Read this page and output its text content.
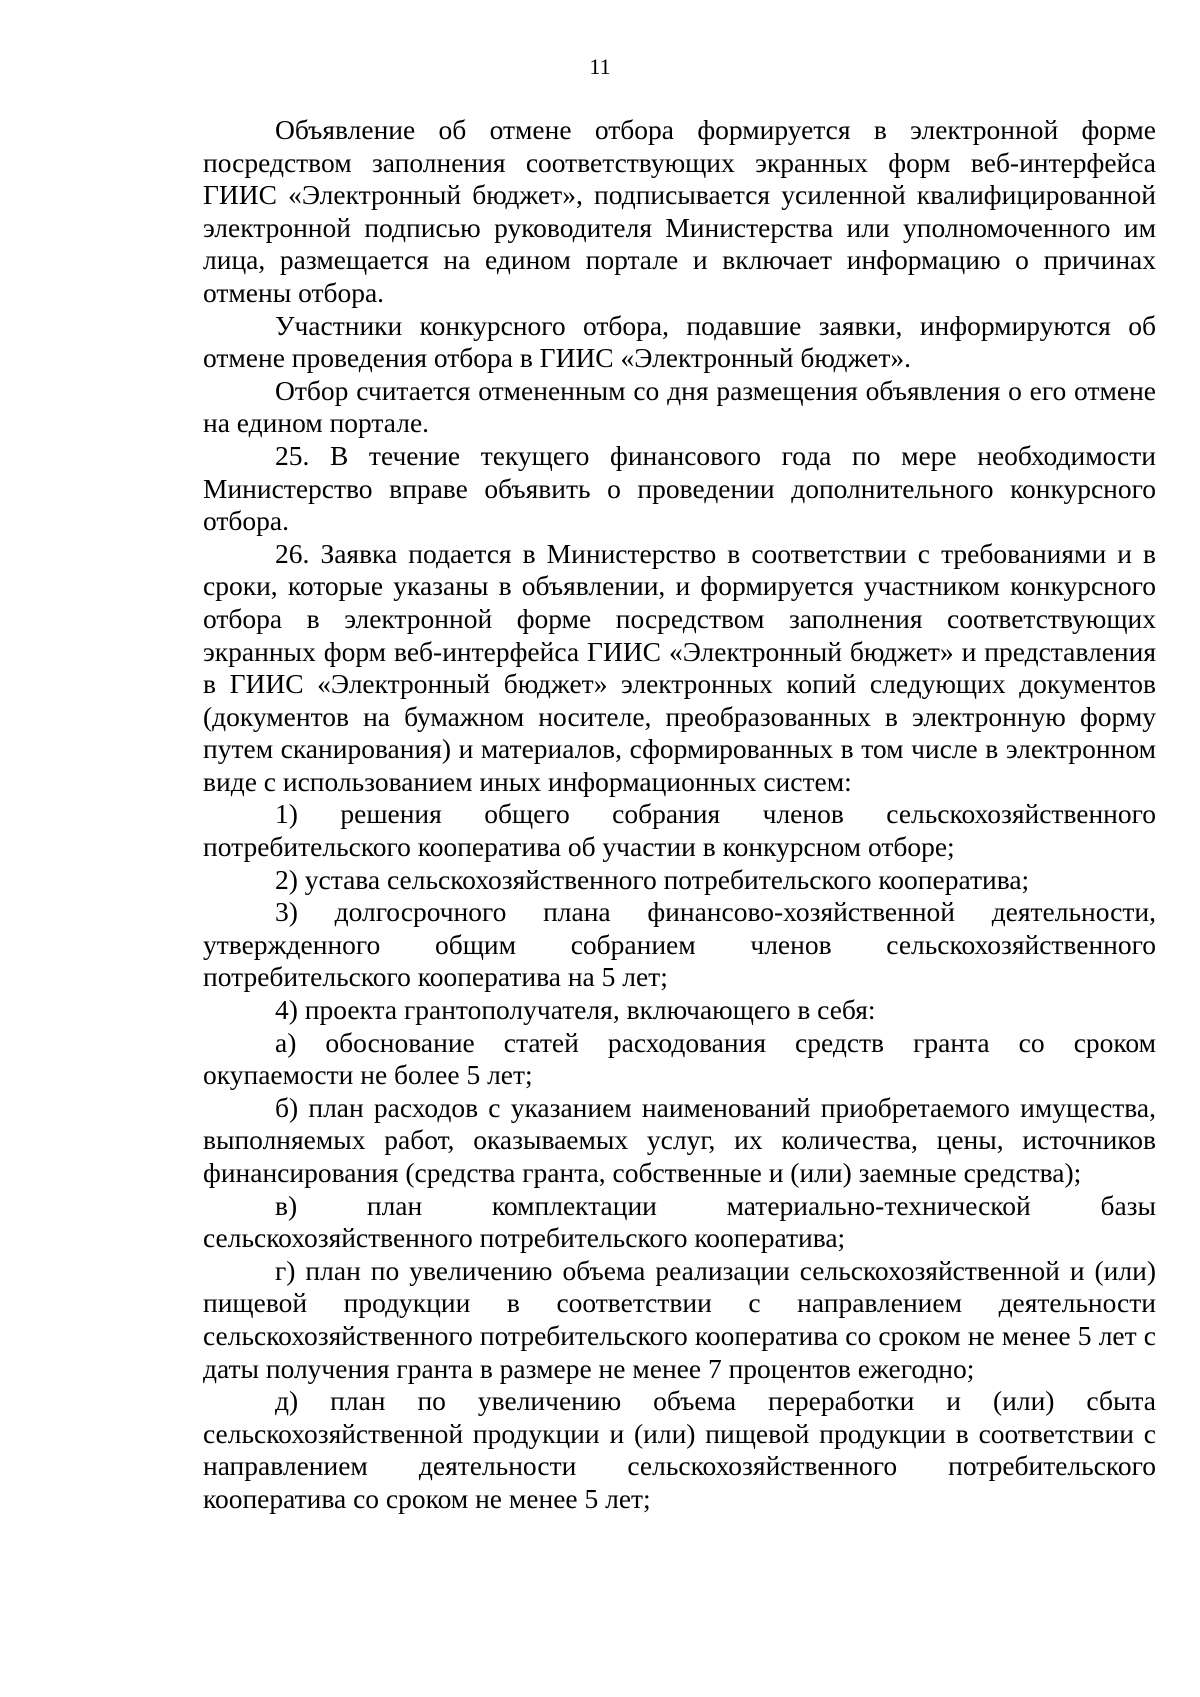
11

Объявление об отмене отбора формируется в электронной форме посредством заполнения соответствующих экранных форм веб-интерфейса ГИИС «Электронный бюджет», подписывается усиленной квалифицированной электронной подписью руководителя Министерства или уполномоченного им лица, размещается на едином портале и включает информацию о причинах отмены отбора.

Участники конкурсного отбора, подавшие заявки, информируются об отмене проведения отбора в ГИИС «Электронный бюджет».

Отбор считается отмененным со дня размещения объявления о его отмене на едином портале.

25. В течение текущего финансового года по мере необходимости Министерство вправе объявить о проведении дополнительного конкурсного отбора.

26. Заявка подается в Министерство в соответствии с требованиями и в сроки, которые указаны в объявлении, и формируется участником конкурсного отбора в электронной форме посредством заполнения соответствующих экранных форм веб-интерфейса ГИИС «Электронный бюджет» и представления в ГИИС «Электронный бюджет» электронных копий следующих документов (документов на бумажном носителе, преобразованных в электронную форму путем сканирования) и материалов, сформированных в том числе в электронном виде с использованием иных информационных систем:

1) решения общего собрания членов сельскохозяйственного потребительского кооператива об участии в конкурсном отборе;

2) устава сельскохозяйственного потребительского кооператива;

3) долгосрочного плана финансово-хозяйственной деятельности, утвержденного общим собранием членов сельскохозяйственного потребительского кооператива на 5 лет;

4) проекта грантополучателя, включающего в себя:

а) обоснование статей расходования средств гранта со сроком окупаемости не более 5 лет;

б) план расходов с указанием наименований приобретаемого имущества, выполняемых работ, оказываемых услуг, их количества, цены, источников финансирования (средства гранта, собственные и (или) заемные средства);

в) план комплектации материально-технической базы сельскохозяйственного потребительского кооператива;

г) план по увеличению объема реализации сельскохозяйственной и (или) пищевой продукции в соответствии с направлением деятельности сельскохозяйственного потребительского кооператива со сроком не менее 5 лет с даты получения гранта в размере не менее 7 процентов ежегодно;

д) план по увеличению объема переработки и (или) сбыта сельскохозяйственной продукции и (или) пищевой продукции в соответствии с направлением деятельности сельскохозяйственного потребительского кооператива со сроком не менее 5 лет;
